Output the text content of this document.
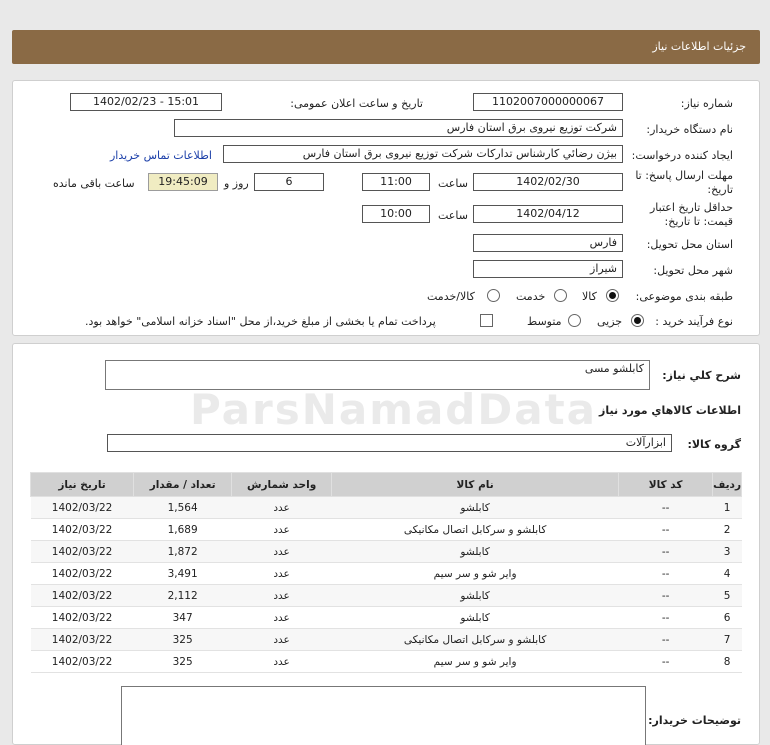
جزئیات اطلاعات نیاز
شماره نیاز:
1102007000000067
تاریخ و ساعت اعلان عمومی:
1402/02/23 - 15:01
نام دستگاه خریدار:
شرکت توزیع نیروی برق استان فارس
ایجاد کننده درخواست:
بیژن رضائي کارشناس تدارکات شرکت توزیع نیروی برق استان فارس
اطلاعات تماس خریدار
مهلت ارسال پاسخ: تا
تاریخ:
1402/02/30
ساعت
11:00
6
روز و
19:45:09
ساعت باقی مانده
حداقل تاریخ اعتبار
قیمت: تا تاریخ:
1402/04/12
ساعت
10:00
استان محل تحویل:
فارس
شهر محل تحویل:
شیراز
طبقه بندی موضوعی:
کالا
خدمت
کالا/خدمت
نوع فرآیند خرید :
جزیی
متوسط
پرداخت تمام یا بخشی از مبلغ خرید،از محل "اسناد خزانه اسلامی" خواهد بود.
شرح کلي نياز:
کابلشو مسی
اطلاعات کالاهاي مورد نياز
گروه کالا:
ابزارآلات
ردیف	کد کالا	نام کالا	واحد شمارش	تعداد / مقدار	تاریخ نیاز
1	--	کابلشو	عدد	1,564	1402/03/22
2	--	کابلشو و سرکابل اتصال مکانیکی	عدد	1,689	1402/03/22
3	--	کابلشو	عدد	1,872	1402/03/22
4	--	وایر شو و سر سیم	عدد	3,491	1402/03/22
5	--	کابلشو	عدد	2,112	1402/03/22
6	--	کابلشو	عدد	347	1402/03/22
7	--	کابلشو و سرکابل اتصال مکانیکی	عدد	325	1402/03/22
8	--	وایر شو و سر سیم	عدد	325	1402/03/22
توضیحات خریدار:
ParsNamadData
